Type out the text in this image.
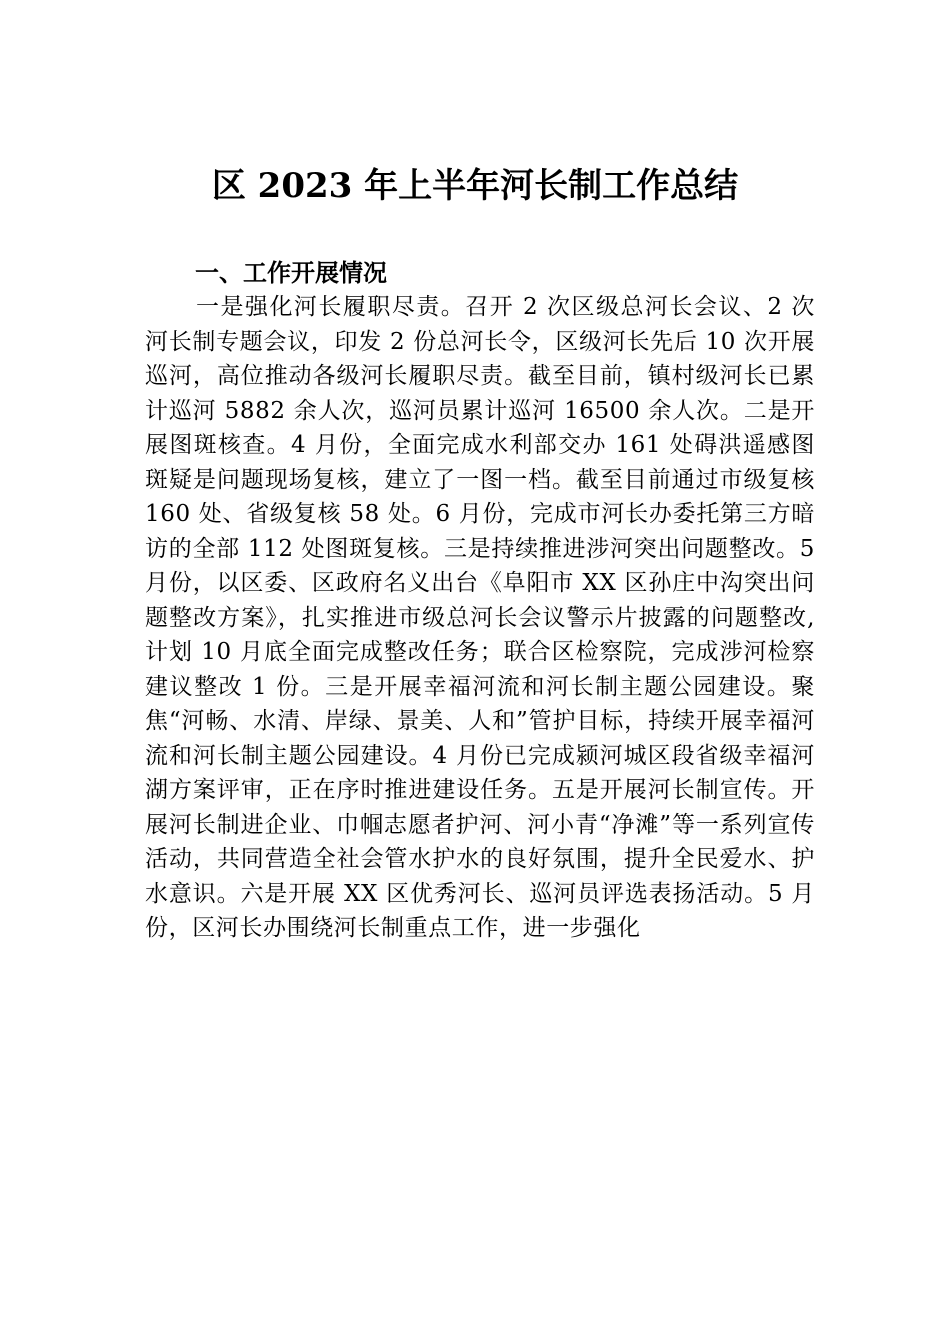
区 2023 年上半年河长制工作总结
一、工作开展情况

一是强化河长履职尽责。召开 2 次区级总河长会议、2 次河长制专题会议，印发 2 份总河长令，区级河长先后 10 次开展巡河，高位推动各级河长履职尽责。截至目前，镇村级河长已累计巡河 5882 余人次，巡河员累计巡河 16500 余人次。二是开展图斑核查。4 月份，全面完成水利部交办 161 处碍洪遥感图斑疑是问题现场复核，建立了一图一档。截至目前通过市级复核 160 处、省级复核 58 处。6 月份，完成市河长办委托第三方暗访的全部 112 处图斑复核。三是持续推进涉河突出问题整改。5 月份，以区委、区政府名义出台《阜阳市 XX 区孙庄中沟突出问题整改方案》，扎实推进市级总河长会议警示片披露的问题整改,计划 10 月底全面完成整改任务；联合区检察院，完成涉河检察建议整改 1 份。三是开展幸福河流和河长制主题公园建设。聚焦“河畅、水清、岸绿、景美、人和”管护目标，持续开展幸福河流和河长制主题公园建设。4 月份已完成颍河城区段省级幸福河湖方案评审，正在序时推进建设任务。五是开展河长制宣传。开展河长制进企业、巾帼志愿者护河、河小青“净滩”等一系列宣传活动，共同营造全社会管水护水的良好氛围，提升全民爱水、护水意识。六是开展 XX 区优秀河长、巡河员评选表扬活动。5 月份，区河长办围绕河长制重点工作，进一步强化
